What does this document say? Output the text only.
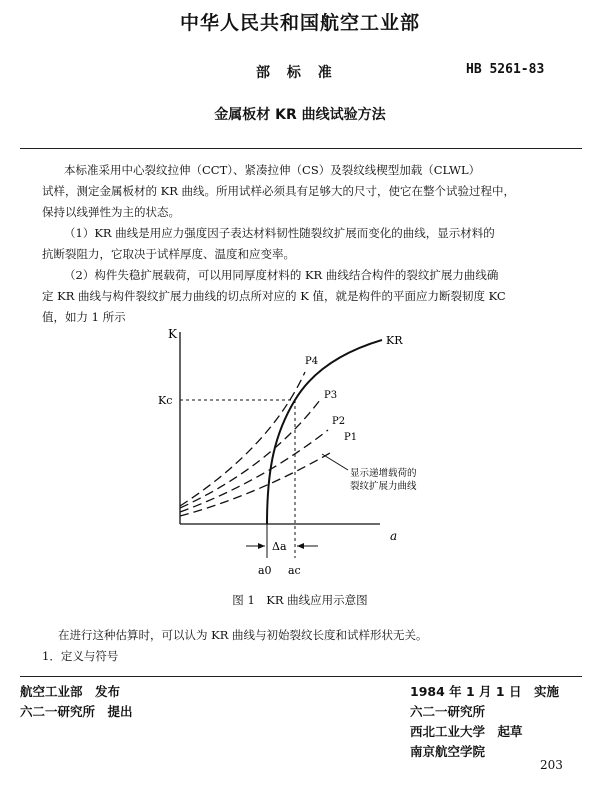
中华人民共和国航空工业部
部 标 准	HB 5261-83
金属板材 KR 曲线试验方法

本标准采用中心裂纹拉伸（CCT）、紧凑拉伸（CS）及裂纹线楔型加载（CLWL）

试样，测定金属板材的 KR 曲线。所用试样必须具有足够大的尺寸，使它在整个试验过程中，

保持以线弹性为主的状态。

（1）KR 曲线是用应力强度因子表达材料韧性随裂纹扩展而变化的曲线，显示材料的

抗断裂阻力，它取决于试样厚度、温度和应变率。

（2）构件失稳扩展载荷，可以用同厚度材料的 KR 曲线结合构件的裂纹扩展力曲线确

定 KR 曲线与构件裂纹扩展力曲线的切点所对应的 K 值，就是构件的平面应力断裂韧度 KC

值，如力 1 所示

K
a
Δa
Kc
KR
a0 ac
P4
P3
P2
P1
显示递增载荷的
裂纹扩展力曲线
图 1　KR 曲线应用示意图

在进行这种估算时，可以认为 KR 曲线与初始裂纹长度和试样形状无关。

1．定义与符号

航空工业部　发布

六二一研究所　提出

1984 年 1 月 1 日　实施

六二一研究所

西北工业大学　起草

南京航空学院

203
